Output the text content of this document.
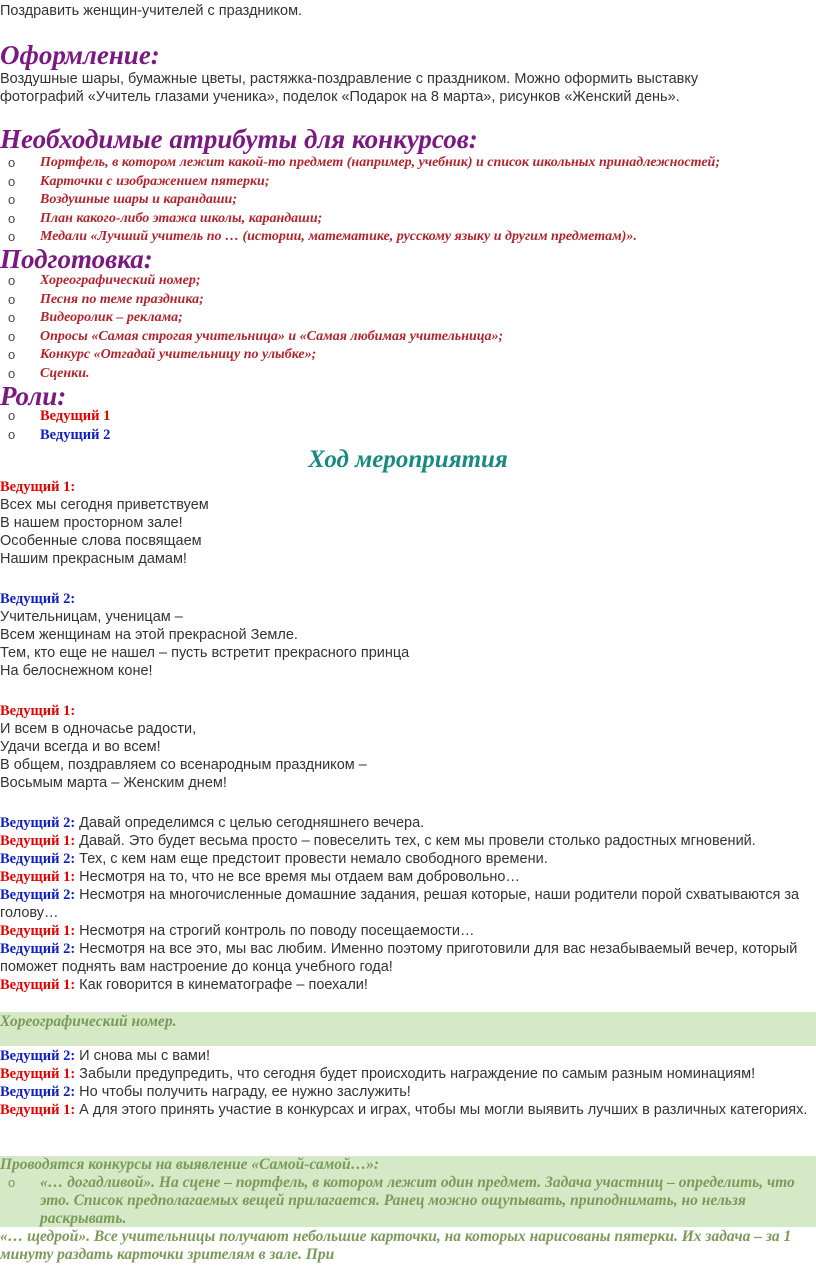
Поздравить женщин-учителей с праздником.
Оформление:
Воздушные шары, бумажные цветы, растяжка-поздравление с праздником. Можно оформить выставку
фотографий «Учитель глазами ученика», поделок «Подарок на 8 марта», рисунков «Женский день».
Необходимые атрибуты для конкурсов:
o Портфель, в котором лежит какой-то предмет (например, учебник) и список школьных принадлежностей;
o Карточки с изображением пятерки;
o Воздушные шары и карандаши;
o План какого-либо этажа школы, карандаши;
o Медали «Лучший учитель по … (истории, математике, русскому языку и другим предметам)».
Подготовка:
o Хореографический номер;
o Песня по теме праздника;
o Видеоролик – реклама;
o Опросы «Самая строгая учительница» и «Самая любимая учительница»;
o Конкурс «Отгадай учительницу по улыбке»;
o Сценки.
Роли:
o Ведущий 1
o Ведущий 2
Ход мероприятия
Ведущий 1:
Всех мы сегодня приветствуем
В нашем просторном зале!
Особенные слова посвящаем
Нашим прекрасным дамам!
Ведущий 2:
Учительницам, ученицам –
Всем женщинам на этой прекрасной Земле.
Тем, кто еще не нашел – пусть встретит прекрасного принца
На белоснежном коне!
Ведущий 1:
И всем в одночасье радости,
Удачи всегда и во всем!
В общем, поздравляем со всенародным праздником –
Восьмым марта – Женским днем!
Ведущий 2: Давай определимся с целью сегодняшнего вечера.
Ведущий 1: Давай. Это будет весьма просто – повеселить тех, с кем мы провели столько радостных мгновений.
Ведущий 2: Тех, с кем нам еще предстоит провести немало свободного времени.
Ведущий 1: Несмотря на то, что не все время мы отдаем вам добровольно…
Ведущий 2: Несмотря на многочисленные домашние задания, решая которые, наши родители порой схватываются за голову…
Ведущий 1: Несмотря на строгий контроль по поводу посещаемости…
Ведущий 2: Несмотря на все это, мы вас любим. Именно поэтому приготовили для вас незабываемый вечер, который поможет поднять вам настроение до конца учебного года!
Ведущий 1: Как говорится в кинематографе – поехали!
Хореографический номер.
Ведущий 2: И снова мы с вами!
Ведущий 1: Забыли предупредить, что сегодня будет происходить награждение по самым разным номинациям!
Ведущий 2: Но чтобы получить награду, ее нужно заслужить!
Ведущий 1: А для этого принять участие в конкурсах и играх, чтобы мы могли выявить лучших в различных категориях.
Проводятся конкурсы на выявление «Самой-самой…»:
o «… догадливой». На сцене – портфель, в котором лежит один предмет. Задача участниц – определить, что это. Список предполагаемых вещей прилагается. Ранец можно ощупывать, приподнимать, но нельзя раскрывать.
«… щедрой». Все учительницы получают небольшие карточки, на которых нарисованы пятерки. Их задача – за 1 минуту раздать карточки зрителям в зале. При
